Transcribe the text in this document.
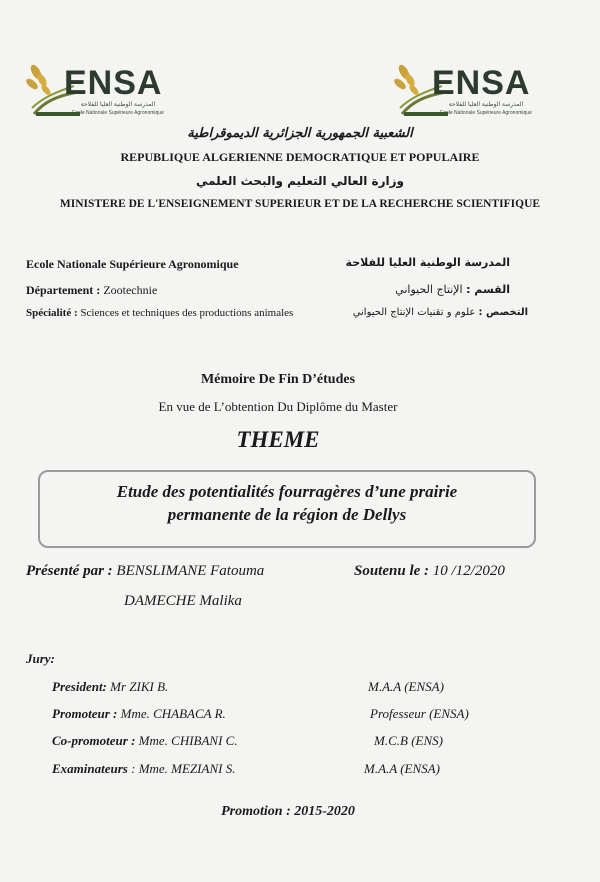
ENSA
المدرسة الوطنية العليا للفلاحة
Ecole Nationale Supérieure Agronomique
ENSA
المدرسة الوطنية العليا للفلاحة
Ecole Nationale Supérieure Agronomique
الشعبية الجمهورية الجزائرية الديموقراطية
REPUBLIQUE ALGERIENNE DEMOCRATIQUE ET POPULAIRE
وزارة العالي التعليم والبحث العلمي
MINISTERE DE L'ENSEIGNEMENT SUPERIEUR ET DE LA RECHERCHE SCIENTIFIQUE
Ecole Nationale Supérieure Agronomique	المدرسة الوطنية العليا للفلاحة
Département : Zootechnie	القسم : الإنتاج الحيواني
Spécialité : Sciences et techniques des productions animales	التخصص : علوم و تقنيات الإنتاج الحيواني
Mémoire De Fin D’études
En vue de L’obtention Du Diplôme du Master
THEME
Etude des potentialités fourragères d’une prairie
permanente de la région de Dellys
Présenté par : BENSLIMANE Fatouma
DAMECHE Malika
Soutenu le : 10 /12/2020
Jury:
President: Mr ZIKI B.	M.A.A (ENSA)
Promoteur : Mme. CHABACA R.	Professeur (ENSA)
Co-promoteur : Mme. CHIBANI C.	M.C.B (ENS)
Examinateurs : Mme. MEZIANI S.	M.A.A (ENSA)
Promotion : 2015-2020
